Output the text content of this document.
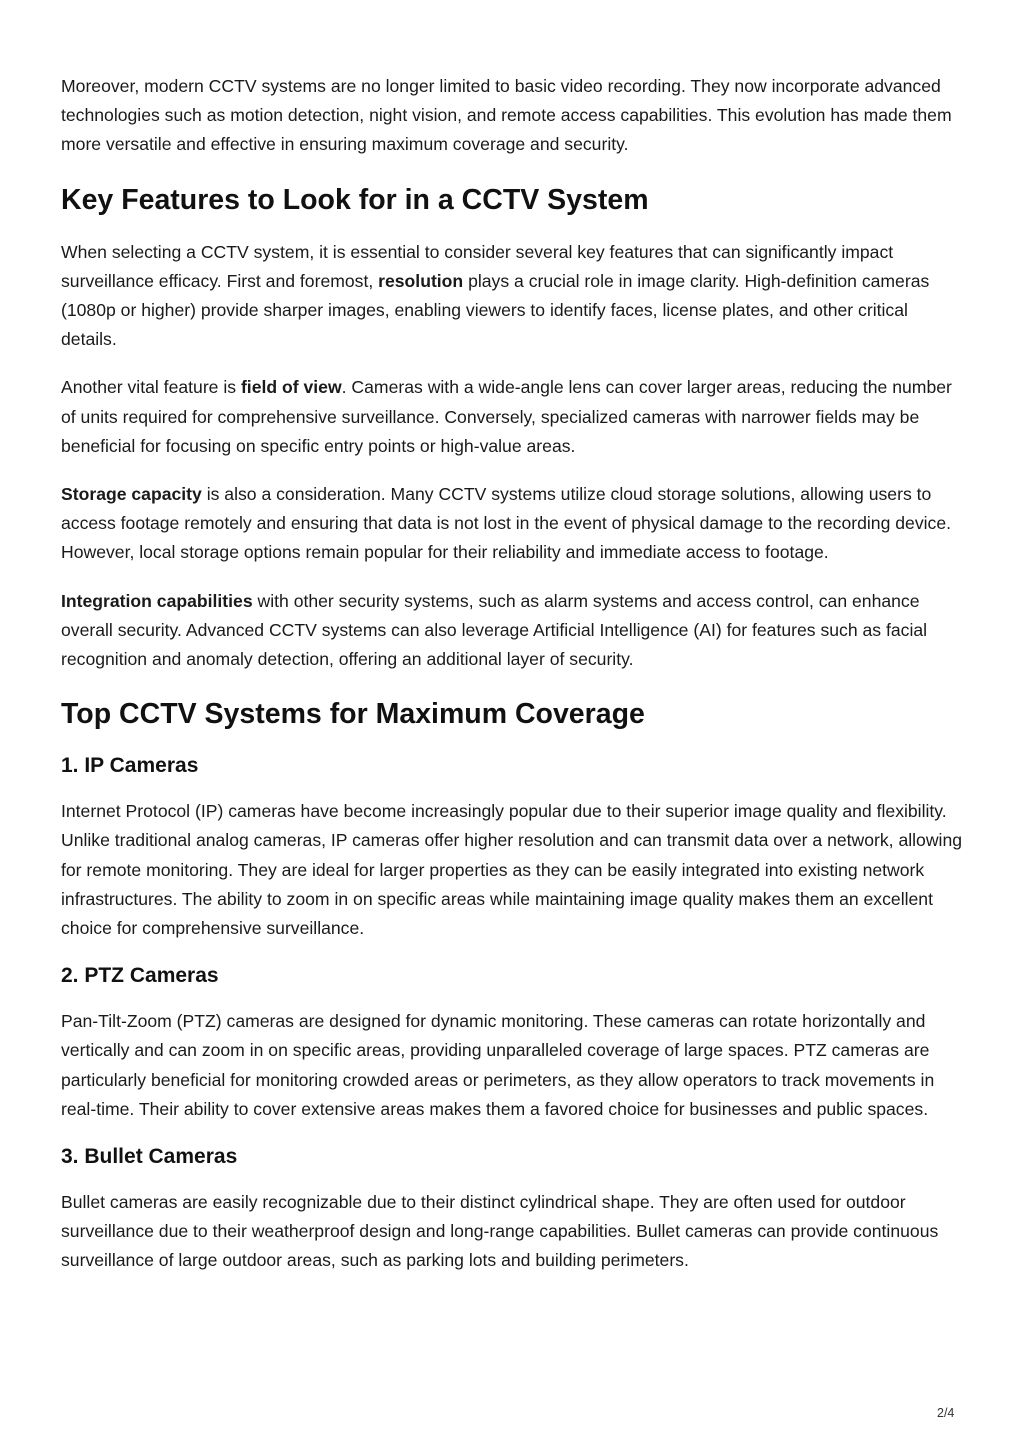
Moreover, modern CCTV systems are no longer limited to basic video recording. They now incorporate advanced technologies such as motion detection, night vision, and remote access capabilities. This evolution has made them more versatile and effective in ensuring maximum coverage and security.

Key Features to Look for in a CCTV System

When selecting a CCTV system, it is essential to consider several key features that can significantly impact surveillance efficacy. First and foremost, resolution plays a crucial role in image clarity. High-definition cameras (1080p or higher) provide sharper images, enabling viewers to identify faces, license plates, and other critical details.

Another vital feature is field of view. Cameras with a wide-angle lens can cover larger areas, reducing the number of units required for comprehensive surveillance. Conversely, specialized cameras with narrower fields may be beneficial for focusing on specific entry points or high-value areas.

Storage capacity is also a consideration. Many CCTV systems utilize cloud storage solutions, allowing users to access footage remotely and ensuring that data is not lost in the event of physical damage to the recording device. However, local storage options remain popular for their reliability and immediate access to footage.

Integration capabilities with other security systems, such as alarm systems and access control, can enhance overall security. Advanced CCTV systems can also leverage Artificial Intelligence (AI) for features such as facial recognition and anomaly detection, offering an additional layer of security.

Top CCTV Systems for Maximum Coverage
1. IP Cameras

Internet Protocol (IP) cameras have become increasingly popular due to their superior image quality and flexibility. Unlike traditional analog cameras, IP cameras offer higher resolution and can transmit data over a network, allowing for remote monitoring. They are ideal for larger properties as they can be easily integrated into existing network infrastructures. The ability to zoom in on specific areas while maintaining image quality makes them an excellent choice for comprehensive surveillance.

2. PTZ Cameras

Pan-Tilt-Zoom (PTZ) cameras are designed for dynamic monitoring. These cameras can rotate horizontally and vertically and can zoom in on specific areas, providing unparalleled coverage of large spaces. PTZ cameras are particularly beneficial for monitoring crowded areas or perimeters, as they allow operators to track movements in real-time. Their ability to cover extensive areas makes them a favored choice for businesses and public spaces.

3. Bullet Cameras

Bullet cameras are easily recognizable due to their distinct cylindrical shape. They are often used for outdoor surveillance due to their weatherproof design and long-range capabilities. Bullet cameras can provide continuous surveillance of large outdoor areas, such as parking lots and building perimeters.

2/4
